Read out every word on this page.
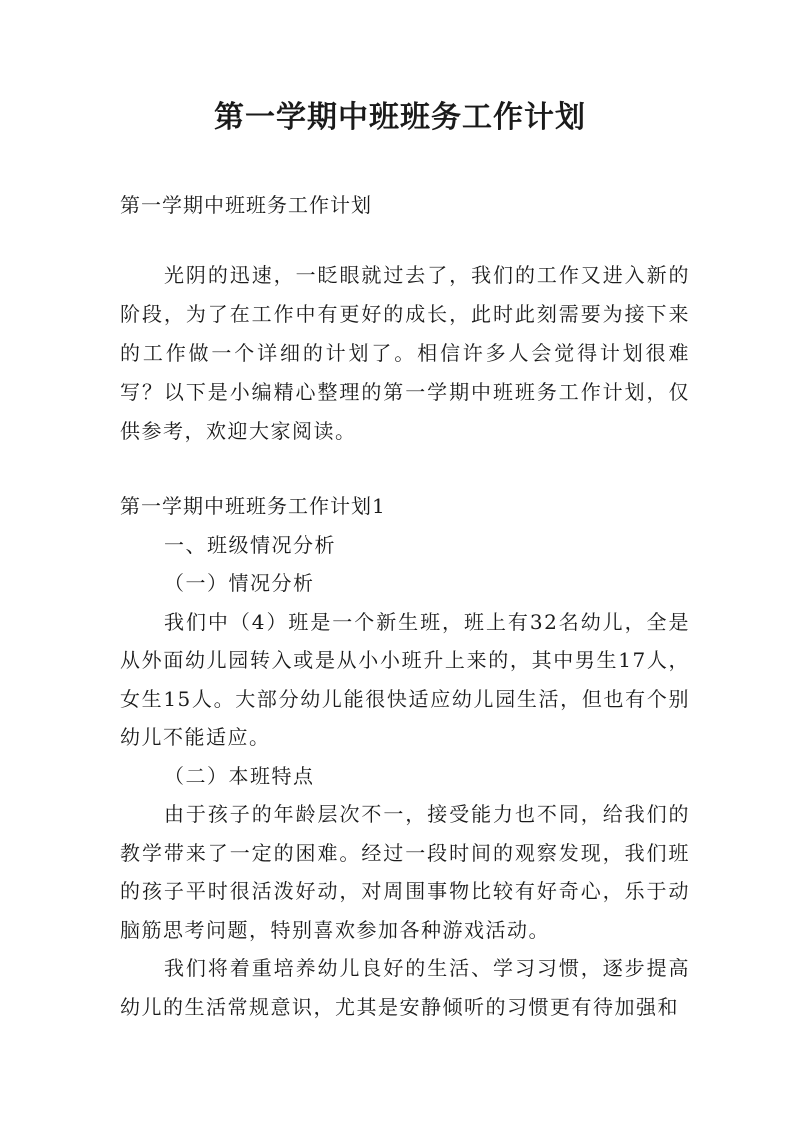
第一学期中班班务工作计划
第一学期中班班务工作计划

光阴的迅速，一眨眼就过去了，我们的工作又进入新的阶段，为了在工作中有更好的成长，此时此刻需要为接下来的工作做一个详细的计划了。相信许多人会觉得计划很难写？以下是小编精心整理的第一学期中班班务工作计划，仅供参考，欢迎大家阅读。

第一学期中班班务工作计划1

一、班级情况分析

（一）情况分析

我们中（4）班是一个新生班，班上有32名幼儿，全是从外面幼儿园转入或是从小小班升上来的，其中男生17人，女生15人。大部分幼儿能很快适应幼儿园生活，但也有个别幼儿不能适应。

（二）本班特点

由于孩子的年龄层次不一，接受能力也不同，给我们的教学带来了一定的困难。经过一段时间的观察发现，我们班的孩子平时很活泼好动，对周围事物比较有好奇心，乐于动脑筋思考问题，特别喜欢参加各种游戏活动。

我们将着重培养幼儿良好的生活、学习习惯，逐步提高幼儿的生活常规意识，尤其是安静倾听的习惯更有待加强和
